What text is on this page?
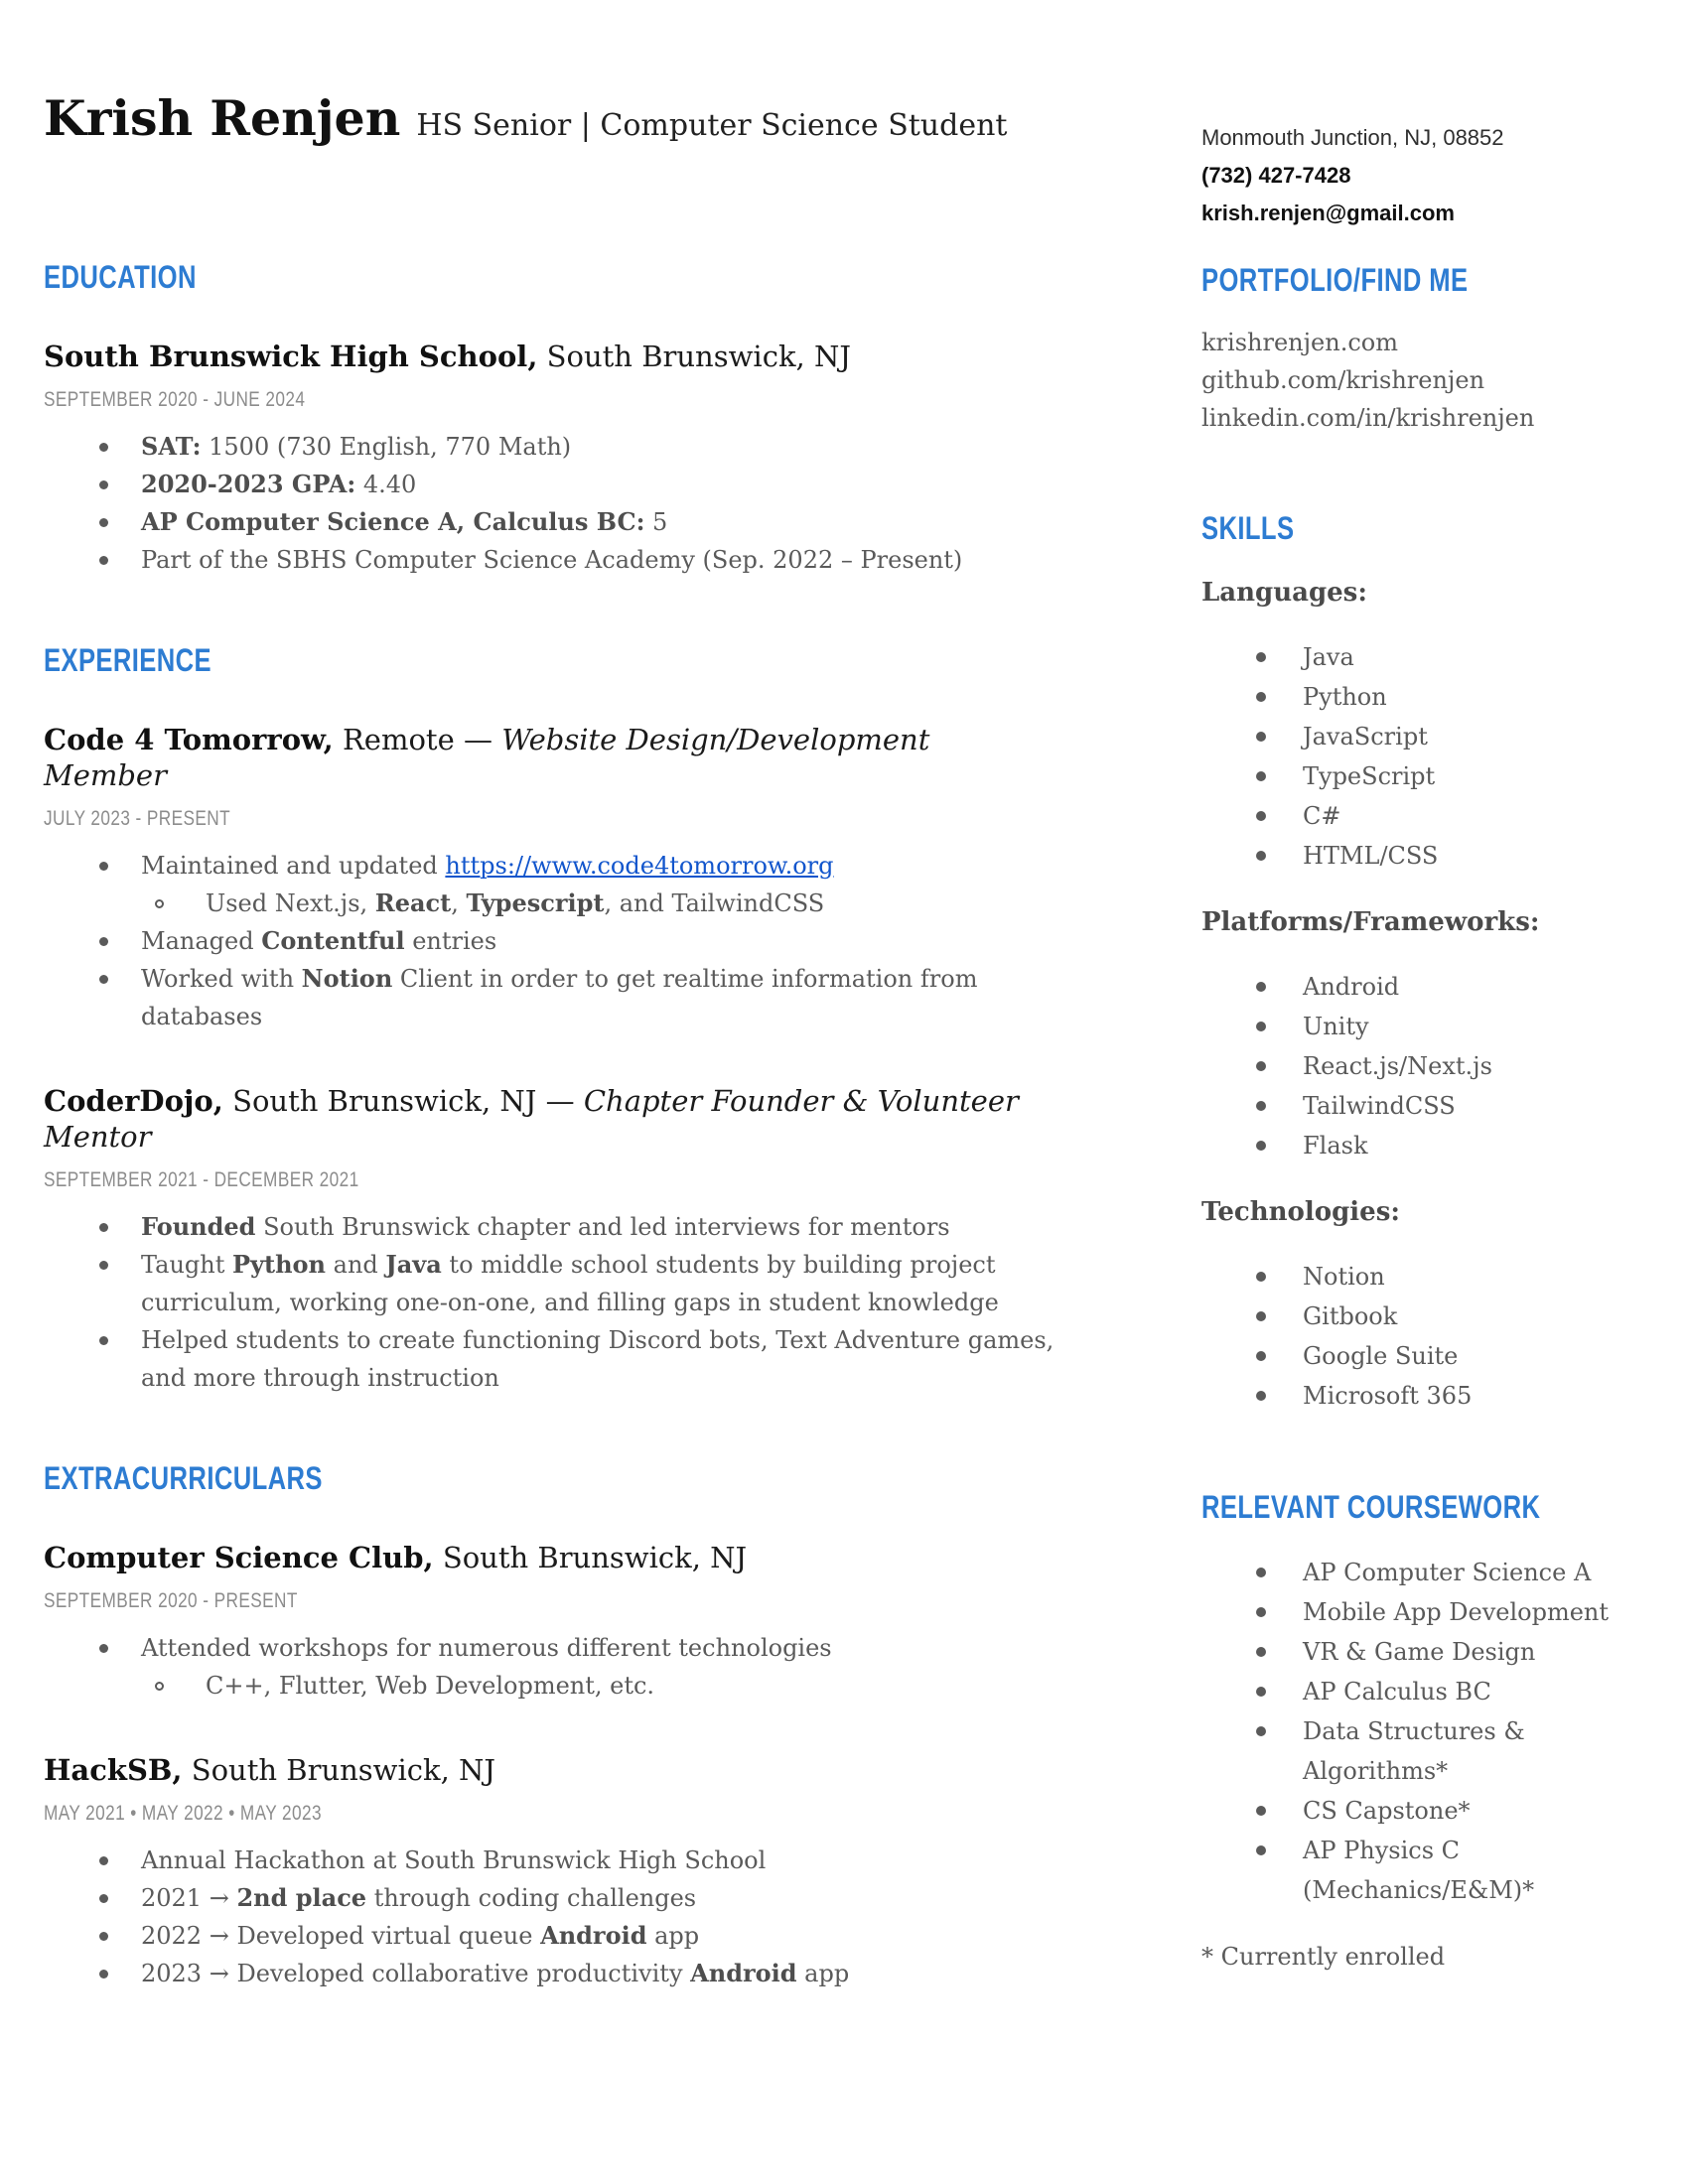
Krish Renjen HS Senior | Computer Science Student	Monmouth Junction, NJ, 08852
(732) 427-7428
krish.renjen@gmail.com
EDUCATION
South Brunswick High School, South Brunswick, NJ
SEPTEMBER 2020 - JUNE 2024
SAT: 1500 (730 English, 770 Math)
2020-2023 GPA: 4.40
AP Computer Science A, Calculus BC: 5
Part of the SBHS Computer Science Academy (Sep. 2022 – Present)
EXPERIENCE
Code 4 Tomorrow, Remote — Website Design/Development Member
JULY 2023 - PRESENT
Maintained and updated https://www.code4tomorrow.org
Used Next.js, React, Typescript, and TailwindCSS
Managed Contentful entries
Worked with Notion Client in order to get realtime information from databases
CoderDojo, South Brunswick, NJ — Chapter Founder & Volunteer Mentor
SEPTEMBER 2021 - DECEMBER 2021
Founded South Brunswick chapter and led interviews for mentors
Taught Python and Java to middle school students by building project curriculum, working one-on-one, and filling gaps in student knowledge
Helped students to create functioning Discord bots, Text Adventure games, and more through instruction
EXTRACURRICULARS
Computer Science Club, South Brunswick, NJ
SEPTEMBER 2020 - PRESENT
Attended workshops for numerous different technologies
C++, Flutter, Web Development, etc.
HackSB, South Brunswick, NJ
MAY 2021 • MAY 2022 • MAY 2023
Annual Hackathon at South Brunswick High School
2021 → 2nd place through coding challenges
2022 → Developed virtual queue Android app
2023 → Developed collaborative productivity Android app
PORTFOLIO/FIND ME
krishrenjen.com
github.com/krishrenjen
linkedin.com/in/krishrenjen
SKILLS
Languages:
Java
Python
JavaScript
TypeScript
C#
HTML/CSS
Platforms/Frameworks:
Android
Unity
React.js/Next.js
TailwindCSS
Flask
Technologies:
Notion
Gitbook
Google Suite
Microsoft 365
RELEVANT COURSEWORK
AP Computer Science A
Mobile App Development
VR & Game Design
AP Calculus BC
Data Structures & Algorithms*
CS Capstone*
AP Physics C (Mechanics/E&M)*
* Currently enrolled
